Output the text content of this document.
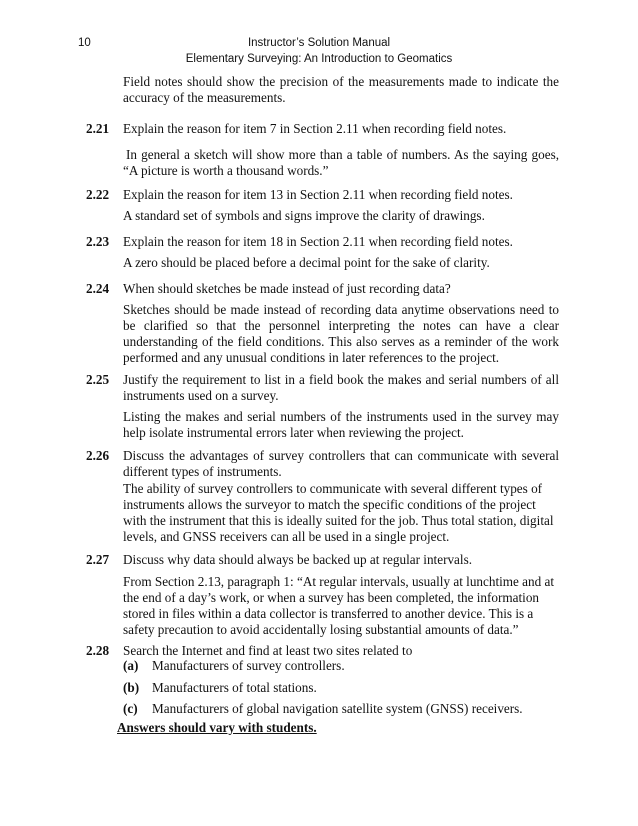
10	Instructor’s Solution Manual
Elementary Surveying: An Introduction to Geomatics
Field notes should show the precision of the measurements made to indicate the accuracy of the measurements.
2.21 Explain the reason for item 7 in Section 2.11 when recording field notes.
In general a sketch will show more than a table of numbers. As the saying goes, “A picture is worth a thousand words.”
2.22 Explain the reason for item 13 in Section 2.11 when recording field notes.
A standard set of symbols and signs improve the clarity of drawings.
2.23 Explain the reason for item 18 in Section 2.11 when recording field notes.
A zero should be placed before a decimal point for the sake of clarity.
2.24 When should sketches be made instead of just recording data?
Sketches should be made instead of recording data anytime observations need to be clarified so that the personnel interpreting the notes can have a clear understanding of the field conditions. This also serves as a reminder of the work performed and any unusual conditions in later references to the project.
2.25 Justify the requirement to list in a field book the makes and serial numbers of all instruments used on a survey.
Listing the makes and serial numbers of the instruments used in the survey may help isolate instrumental errors later when reviewing the project.
2.26 Discuss the advantages of survey controllers that can communicate with several different types of instruments.
The ability of survey controllers to communicate with several different types of instruments allows the surveyor to match the specific conditions of the project with the instrument that this is ideally suited for the job. Thus total station, digital levels, and GNSS receivers can all be used in a single project.
2.27 Discuss why data should always be backed up at regular intervals.
From Section 2.13, paragraph 1: “At regular intervals, usually at lunchtime and at the end of a day’s work, or when a survey has been completed, the information stored in files within a data collector is transferred to another device. This is a safety precaution to avoid accidentally losing substantial amounts of data.”
2.28 Search the Internet and find at least two sites related to
(a) Manufacturers of survey controllers.
(b) Manufacturers of total stations.
(c) Manufacturers of global navigation satellite system (GNSS) receivers.
Answers should vary with students.
